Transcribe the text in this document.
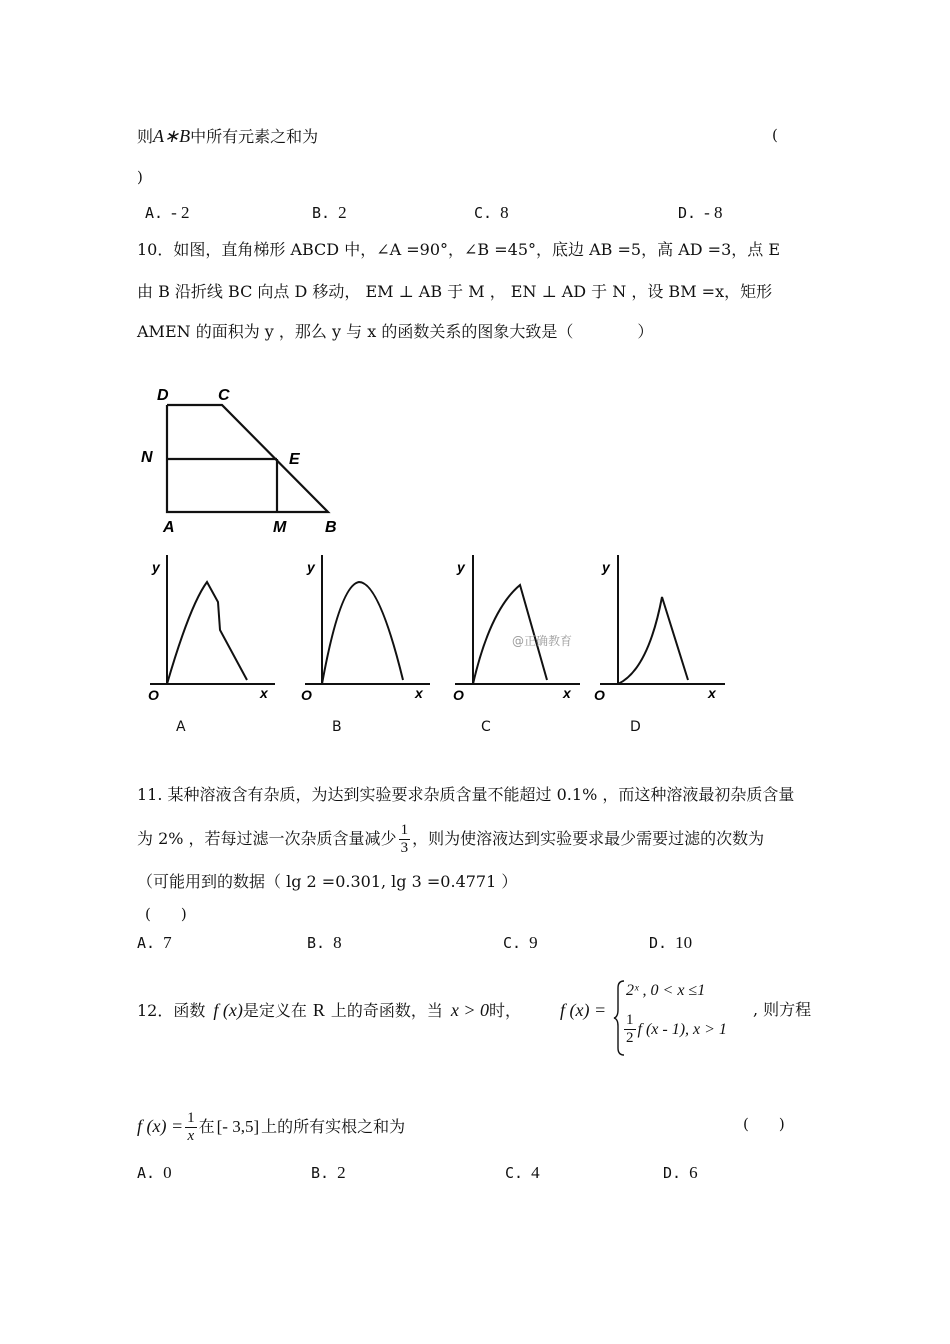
则A∗B中所有元素之和为	(
)
A. - 2	B. 2	C. 8	D. - 8
10．如图，直角梯形 ABCD 中，∠A =90°，∠B =45°，底边 AB =5，高 AD =3，点 E
由 B 沿折线 BC 向点 D 移动， EM ⊥ AB 于 M ， EN ⊥ AD 于 N ，设 BM =x，矩形
AMEN 的面积为 y ，那么 y 与 x 的函数关系的图象大致是（　　　　）
D	C
N	E
A	M B
y
O	x
A
y
O	x
B
y
O	x
@正确教育
C
y
O	x
D
11. 某种溶液含有杂质，为达到实验要求杂质含量不能超过 0.1% ，而这种溶液最初杂质含量
为 2% ，若每过滤一次杂质含量减少 $\frac{1}{3}$ ，则为使溶液达到实验要求最少需要过滤的次数为
（可能用到的数据（ lg 2 =0.301, lg 3 =0.4771 ）
(　　)
A. 7	B. 8	C. 9	D. 10
12．函数 f (x)是定义在 R 上的奇函数，当 x > 0时， f (x) =
2ˣ , 0 < x ≤1
$\frac{1}{2}$ f (x - 1), x > 1
, 则方程
f $(x) = \frac{1}{x}$ 在 [- 3,5] 上的所有实根之和为	(　　)
A. 0	B. 2	C. 4	D. 6
